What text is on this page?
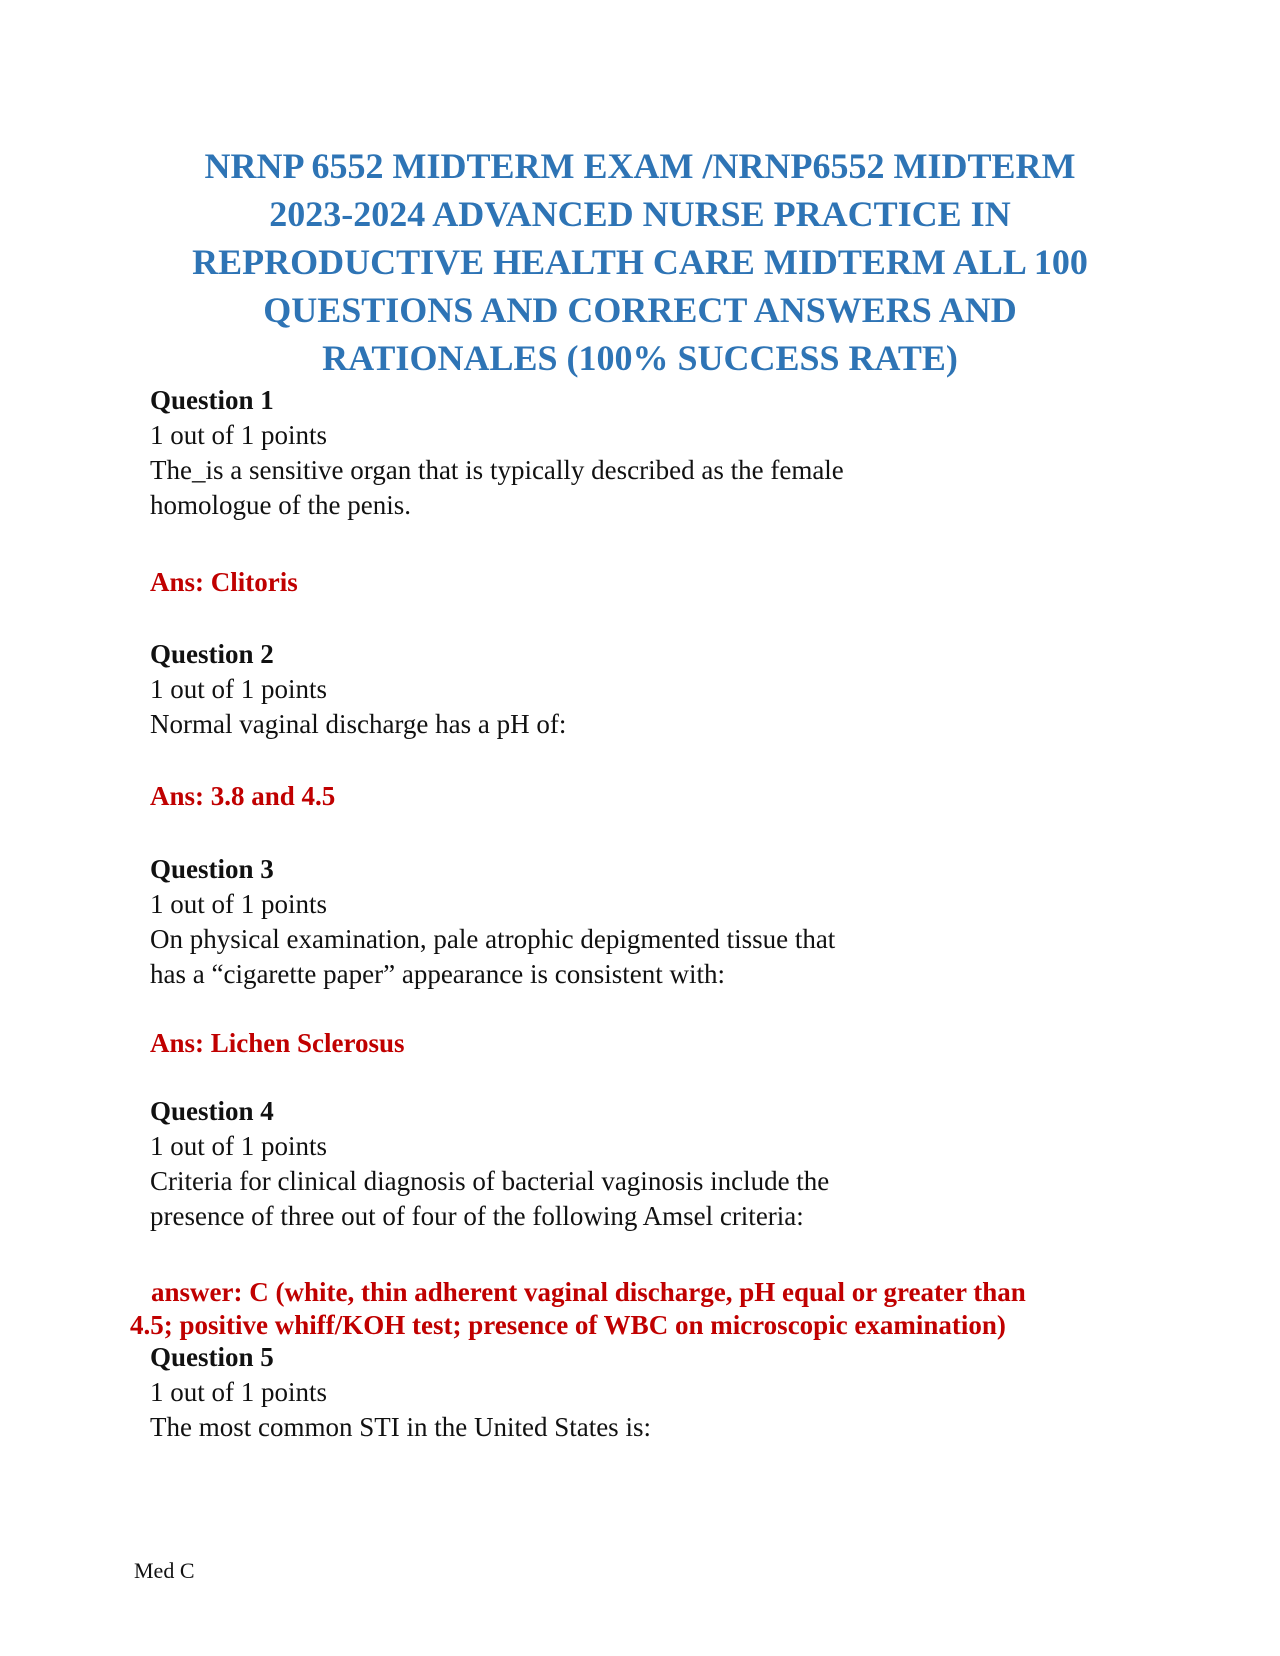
NRNP 6552 MIDTERM EXAM /NRNP6552 MIDTERM
2023-2024 ADVANCED NURSE PRACTICE IN
REPRODUCTIVE HEALTH CARE MIDTERM ALL 100
QUESTIONS AND CORRECT ANSWERS AND
RATIONALES (100% SUCCESS RATE)

Question 1

1 out of 1 points

The_is a sensitive organ that is typically described as the female
homologue of the penis.

Ans: Clitoris

Question 2

1 out of 1 points

Normal vaginal discharge has a pH of:

Ans: 3.8 and 4.5

Question 3

1 out of 1 points

On physical examination, pale atrophic depigmented tissue that
has a “cigarette paper” appearance is consistent with:

Ans: Lichen Sclerosus

Question 4

1 out of 1 points

Criteria for clinical diagnosis of bacterial vaginosis include the
presence of three out of four of the following Amsel criteria:

answer: C (white, thin adherent vaginal discharge, pH equal or greater than
4.5; positive whiff/KOH test; presence of WBC on microscopic examination)

Question 5

1 out of 1 points

The most common STI in the United States is:

Med C
